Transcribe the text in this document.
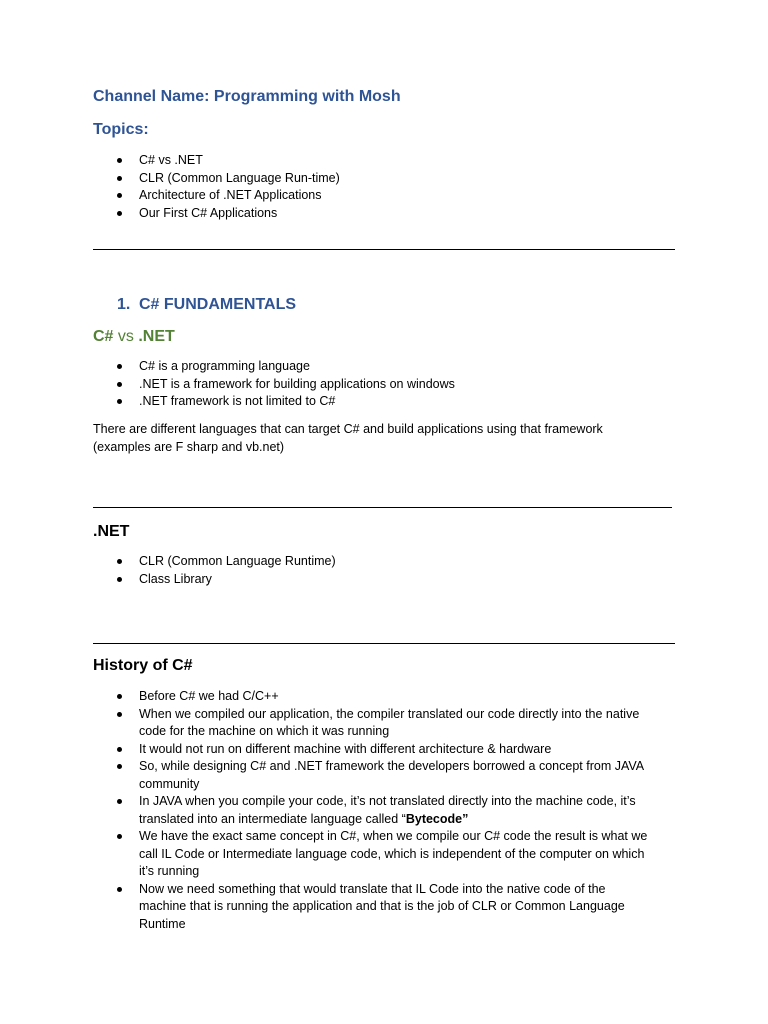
Channel Name: Programming with Mosh
Topics:
C# vs .NET
CLR (Common Language Run-time)
Architecture of .NET Applications
Our First C# Applications
1. C# FUNDAMENTALS
C# vs .NET
C# is a programming language
.NET is a framework for building applications on windows
.NET framework is not limited to C#
There are different languages that can target C# and build applications using that framework
(examples are F sharp and vb.net)
.NET
CLR (Common Language Runtime)
Class Library
History of C#
Before C# we had C/C++
When we compiled our application, the compiler translated our code directly into the native
code for the machine on which it was running
It would not run on different machine with different architecture & hardware
So, while designing C# and .NET framework the developers borrowed a concept from JAVA
community
In JAVA when you compile your code, it’s not translated directly into the machine code, it’s
translated into an intermediate language called “Bytecode”
We have the exact same concept in C#, when we compile our C# code the result is what we
call IL Code or Intermediate language code, which is independent of the computer on which
it’s running
Now we need something that would translate that IL Code into the native code of the
machine that is running the application and that is the job of CLR or Common Language
Runtime
